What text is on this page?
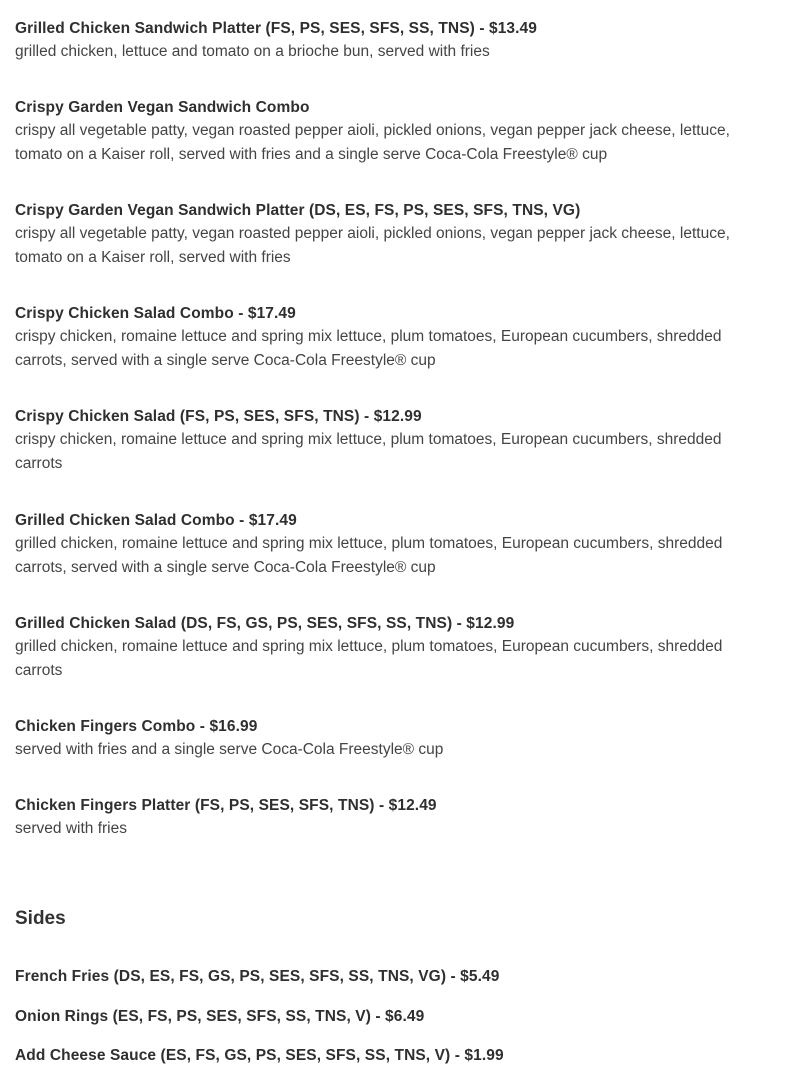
Grilled Chicken Sandwich Platter (FS, PS, SES, SFS, SS, TNS) - $13.49
grilled chicken, lettuce and tomato on a brioche bun, served with fries
Crispy Garden Vegan Sandwich Combo
crispy all vegetable patty, vegan roasted pepper aioli, pickled onions, vegan pepper jack cheese, lettuce, tomato on a Kaiser roll, served with fries and a single serve Coca-Cola Freestyle® cup
Crispy Garden Vegan Sandwich Platter (DS, ES, FS, PS, SES, SFS, TNS, VG)
crispy all vegetable patty, vegan roasted pepper aioli, pickled onions, vegan pepper jack cheese, lettuce, tomato on a Kaiser roll, served with fries
Crispy Chicken Salad Combo - $17.49
crispy chicken, romaine lettuce and spring mix lettuce, plum tomatoes, European cucumbers, shredded carrots, served with a single serve Coca-Cola Freestyle® cup
Crispy Chicken Salad (FS, PS, SES, SFS, TNS) - $12.99
crispy chicken, romaine lettuce and spring mix lettuce, plum tomatoes, European cucumbers, shredded carrots
Grilled Chicken Salad Combo - $17.49
grilled chicken, romaine lettuce and spring mix lettuce, plum tomatoes, European cucumbers, shredded carrots, served with a single serve Coca-Cola Freestyle® cup
Grilled Chicken Salad (DS, FS, GS, PS, SES, SFS, SS, TNS) - $12.99
grilled chicken, romaine lettuce and spring mix lettuce, plum tomatoes, European cucumbers, shredded carrots
Chicken Fingers Combo - $16.99
served with fries and a single serve Coca-Cola Freestyle® cup
Chicken Fingers Platter (FS, PS, SES, SFS, TNS) - $12.49
served with fries
Sides
French Fries (DS, ES, FS, GS, PS, SES, SFS, SS, TNS, VG) - $5.49
Onion Rings (ES, FS, PS, SES, SFS, SS, TNS, V) - $6.49
Add Cheese Sauce (ES, FS, GS, PS, SES, SFS, SS, TNS, V) - $1.99
